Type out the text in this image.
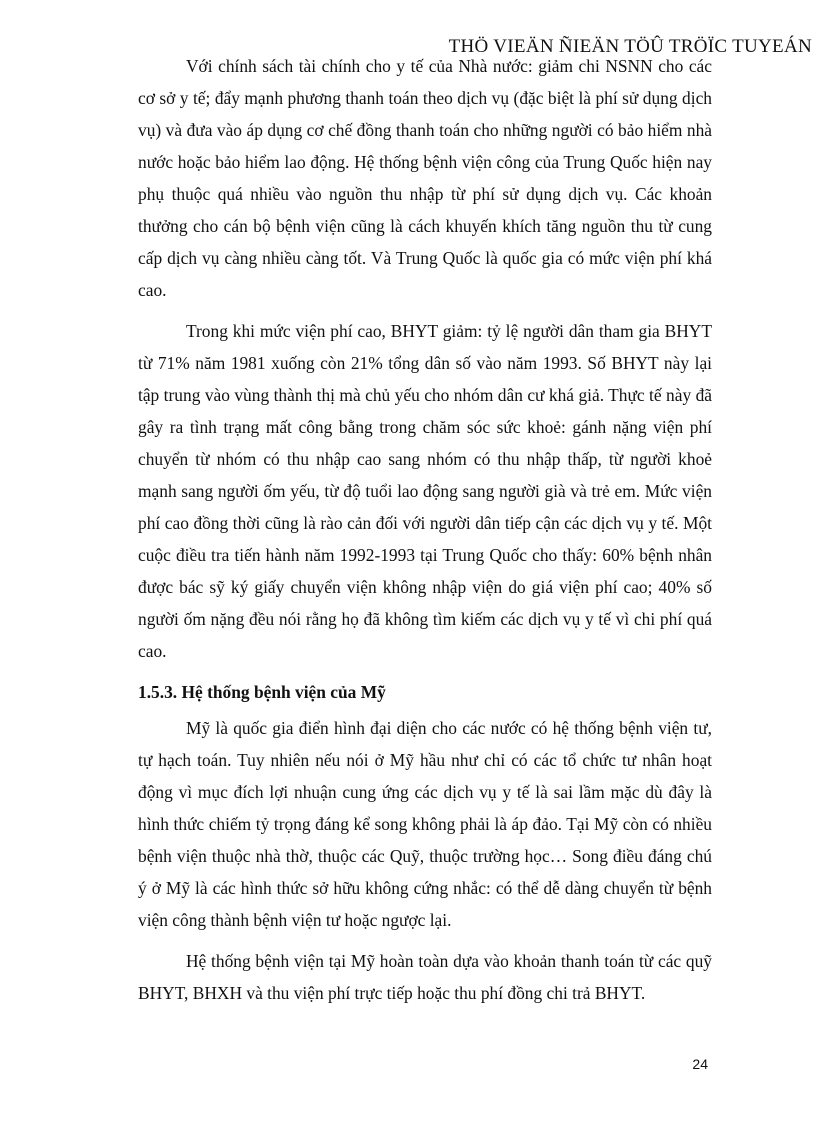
THÖ VIEÄN ÑIEÄN TÖÛ TRÖÏC TUYEÁN

Với chính sách tài chính cho y tế của Nhà nước: giảm chi NSNN cho các cơ sở y tế; đẩy mạnh phương thanh toán theo dịch vụ (đặc biệt là phí sử dụng dịch vụ) và đưa vào áp dụng cơ chế đồng thanh toán cho những người có bảo hiểm nhà nước hoặc bảo hiểm lao động. Hệ thống bệnh viện công của Trung Quốc hiện nay phụ thuộc quá nhiều vào nguồn thu nhập từ phí sử dụng dịch vụ. Các khoản thưởng cho cán bộ bệnh viện cũng là cách khuyến khích tăng nguồn thu từ cung cấp dịch vụ càng nhiều càng tốt. Và Trung Quốc là quốc gia có mức viện phí khá cao.

Trong khi mức viện phí cao, BHYT giảm: tỷ lệ người dân tham gia BHYT từ 71% năm 1981 xuống còn 21% tổng dân số vào năm 1993. Số BHYT này lại tập trung vào vùng thành thị mà chủ yếu cho nhóm dân cư khá giả. Thực tế này đã gây ra tình trạng mất công bằng trong chăm sóc sức khoẻ: gánh nặng viện phí chuyển từ nhóm có thu nhập cao sang nhóm có thu nhập thấp, từ người khoẻ mạnh sang người ốm yếu, từ độ tuổi lao động sang người già và trẻ em. Mức viện phí cao đồng thời cũng là rào cản đối với người dân tiếp cận các dịch vụ y tế. Một cuộc điều tra tiến hành năm 1992-1993 tại Trung Quốc cho thấy: 60% bệnh nhân được bác sỹ ký giấy chuyển viện không nhập viện do giá viện phí cao; 40% số người ốm nặng đều nói rằng họ đã không tìm kiếm các dịch vụ y tế vì chi phí quá cao.

1.5.3. Hệ thống bệnh viện của Mỹ

Mỹ là quốc gia điển hình đại diện cho các nước có hệ thống bệnh viện tư, tự hạch toán. Tuy nhiên nếu nói ở Mỹ hầu như chỉ có các tổ chức tư nhân hoạt động vì mục đích lợi nhuận cung ứng các dịch vụ y tế là sai lầm mặc dù đây là hình thức chiếm tỷ trọng đáng kể song không phải là áp đảo. Tại Mỹ còn có nhiều bệnh viện thuộc nhà thờ, thuộc các Quỹ, thuộc trường học… Song điều đáng chú ý ở Mỹ là các hình thức sở hữu không cứng nhắc: có thể dễ dàng chuyển từ bệnh viện công thành bệnh viện tư hoặc ngược lại.

Hệ thống bệnh viện tại Mỹ hoàn toàn dựa vào khoản thanh toán từ các quỹ BHYT, BHXH và thu viện phí trực tiếp hoặc thu phí đồng chi trả BHYT.

24
